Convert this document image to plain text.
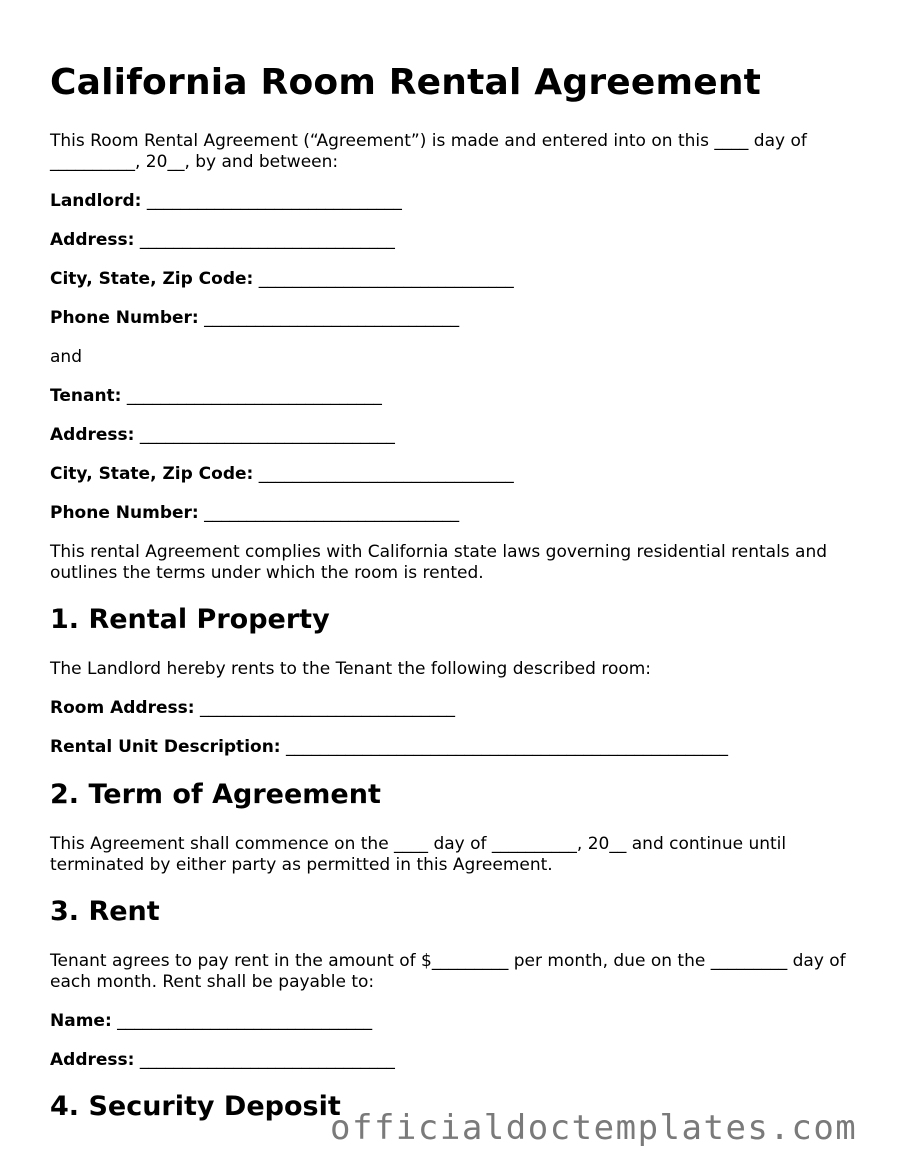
California Room Rental Agreement

This Room Rental Agreement (“Agreement”) is made and entered into on this ____ day of __________, 20__, by and between:

Landlord: ______________________________
Address: ______________________________
City, State, Zip Code: ______________________________
Phone Number: ______________________________

and

Tenant: ______________________________
Address: ______________________________
City, State, Zip Code: ______________________________
Phone Number: ______________________________

This rental Agreement complies with California state laws governing residential rentals and outlines the terms under which the room is rented.

1. Rental Property

The Landlord hereby rents to the Tenant the following described room:

Room Address: ______________________________
Rental Unit Description: ____________________________________________________
2. Term of Agreement

This Agreement shall commence on the ____ day of __________, 20__ and continue until terminated by either party as permitted in this Agreement.

3. Rent

Tenant agrees to pay rent in the amount of $_________ per month, due on the _________ day of each month. Rent shall be payable to:

Name: ______________________________
Address: ______________________________
4. Security Deposit
officialdoctemplates.com
